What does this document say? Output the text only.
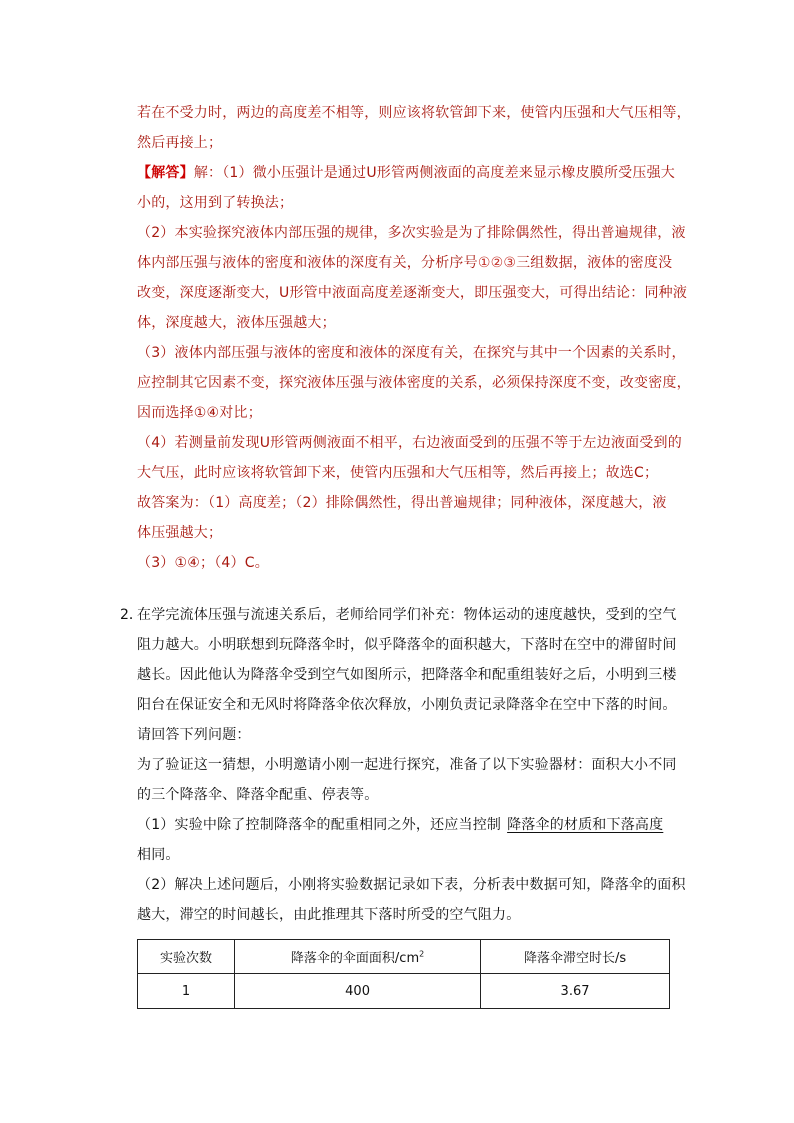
若在不受力时，两边的高度差不相等，则应该将软管卸下来，使管内压强和大气压相等，
然后再接上；
【解答】解：（1）微小压强计是通过U形管两侧液面的高度差来显示橡皮膜所受压强大
小的，这用到了转换法；
（2）本实验探究液体内部压强的规律，多次实验是为了排除偶然性，得出普遍规律，液
体内部压强与液体的密度和液体的深度有关，分析序号①②③三组数据，液体的密度没
改变，深度逐渐变大，U形管中液面高度差逐渐变大，即压强变大，可得出结论：同种液
体，深度越大，液体压强越大；
（3）液体内部压强与液体的密度和液体的深度有关，在探究与其中一个因素的关系时，
应控制其它因素不变，探究液体压强与液体密度的关系，必须保持深度不变，改变密度，
因而选择①④对比；
（4）若测量前发现U形管两侧液面不相平，右边液面受到的压强不等于左边液面受到的
大气压，此时应该将软管卸下来，使管内压强和大气压相等，然后再接上；故选C；
故答案为：（1）高度差；（2）排除偶然性，得出普遍规律；同种液体，深度越大，液
体压强越大；
（3）①④；（4）C。
2．
在学完流体压强与流速关系后，老师给同学们补充：物体运动的速度越快，受到的空气
阻力越大。小明联想到玩降落伞时，似乎降落伞的面积越大，下落时在空中的滞留时间
越长。因此他认为降落伞受到空气如图所示，把降落伞和配重组装好之后，小明到三楼
阳台在保证安全和无风时将降落伞依次释放，小刚负责记录降落伞在空中下落的时间。
请回答下列问题：
为了验证这一猜想，小明邀请小刚一起进行探究，准备了以下实验器材：面积大小不同
的三个降落伞、降落伞配重、停表等。
（1）实验中除了控制降落伞的配重相同之外，还应当控制 降落伞的材质和下落高度
相同。
（2）解决上述问题后，小刚将实验数据记录如下表，分析表中数据可知，降落伞的面积
越大，滞空的时间越长，由此推理其下落时所受的空气阻力。
实验次数	降落伞的伞面面积$/cm^2$	降落伞滞空时长/s
1	400	3.67
